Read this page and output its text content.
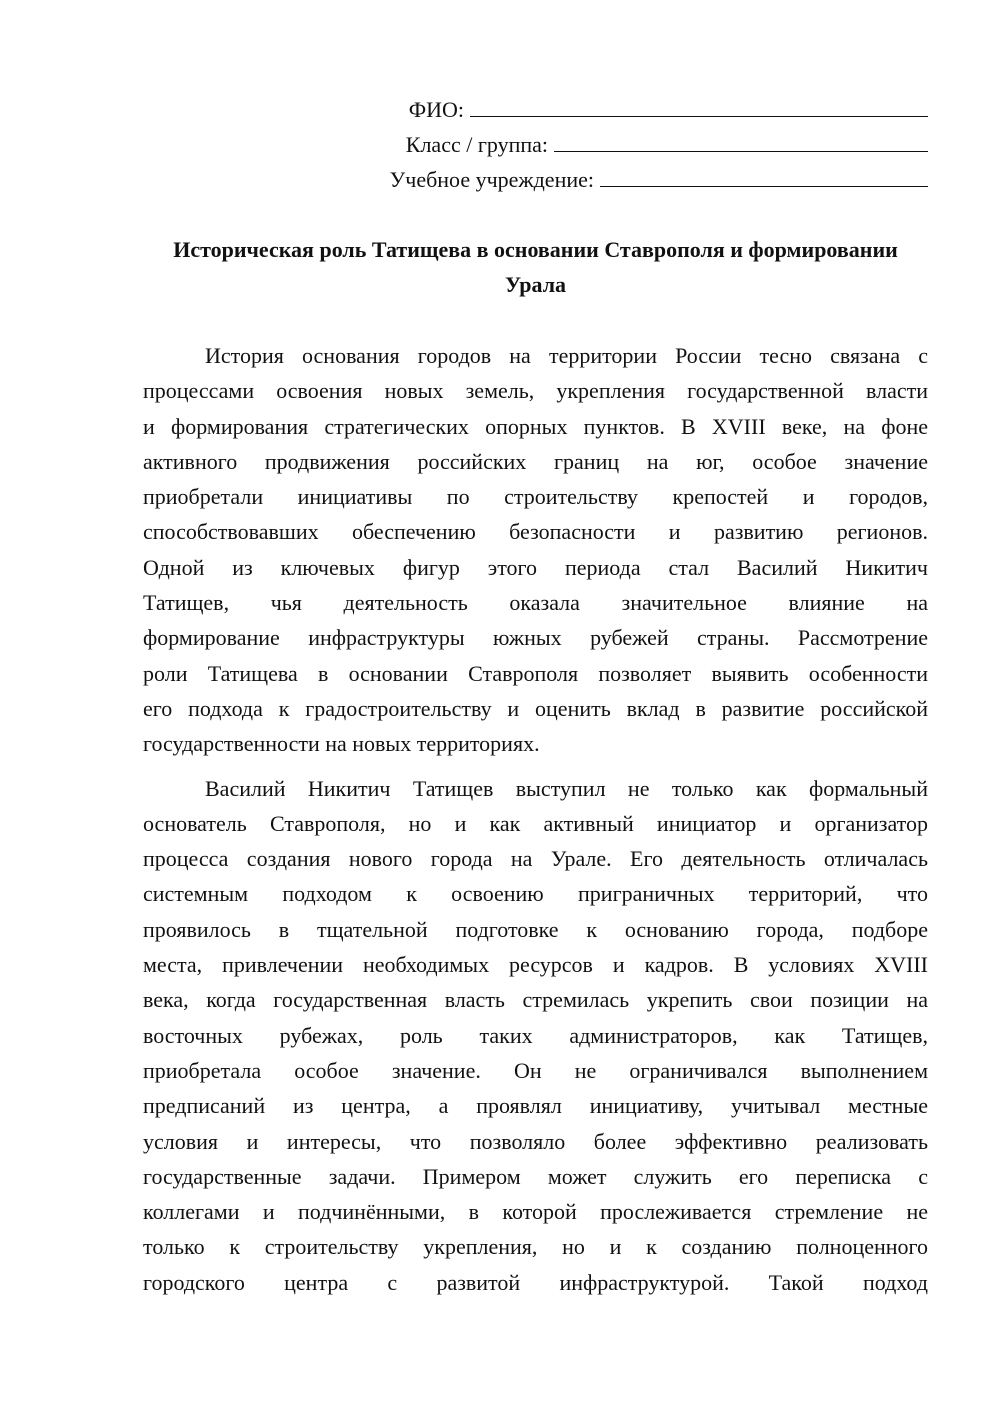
ФИО:
Класс / группа:
Учебное учреждение:
Историческая роль Татищева в основании Ставрополя и формировании
Урала
История основания городов на территории России тесно связана с
процессами освоения новых земель, укрепления государственной власти
и формирования стратегических опорных пунктов. В XVIII веке, на фоне
активного продвижения российских границ на юг, особое значение
приобретали инициативы по строительству крепостей и городов,
способствовавших обеспечению безопасности и развитию регионов.
Одной из ключевых фигур этого периода стал Василий Никитич
Татищев, чья деятельность оказала значительное влияние на
формирование инфраструктуры южных рубежей страны. Рассмотрение
роли Татищева в основании Ставрополя позволяет выявить особенности
его подхода к градостроительству и оценить вклад в развитие российской
государственности на новых территориях.
Василий Никитич Татищев выступил не только как формальный
основатель Ставрополя, но и как активный инициатор и организатор
процесса создания нового города на Урале. Его деятельность отличалась
системным подходом к освоению приграничных территорий, что
проявилось в тщательной подготовке к основанию города, подборе
места, привлечении необходимых ресурсов и кадров. В условиях XVIII
века, когда государственная власть стремилась укрепить свои позиции на
восточных рубежах, роль таких администраторов, как Татищев,
приобретала особое значение. Он не ограничивался выполнением
предписаний из центра, а проявлял инициативу, учитывал местные
условия и интересы, что позволяло более эффективно реализовать
государственные задачи. Примером может служить его переписка с
коллегами и подчинёнными, в которой прослеживается стремление не
только к строительству укрепления, но и к созданию полноценного
городского центра с развитой инфраструктурой. Такой подход
